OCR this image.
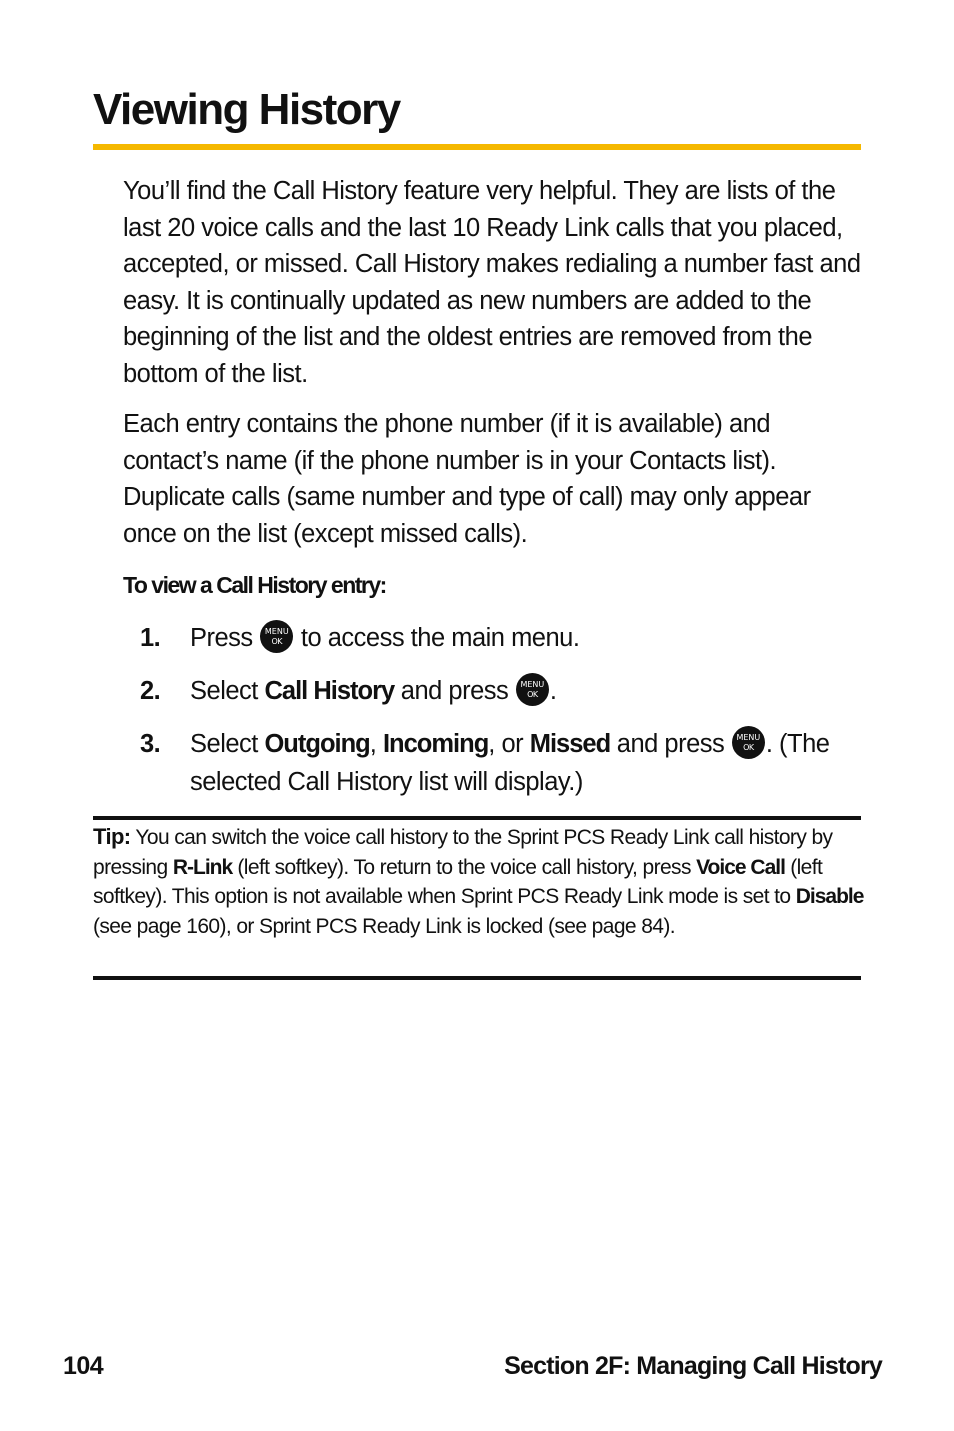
Viewing History

You’ll find the Call History feature very helpful. They are lists of the last 20 voice calls and the last 10 Ready Link calls that you placed, accepted, or missed. Call History makes redialing a number fast and easy. It is continually updated as new numbers are added to the beginning of the list and the oldest entries are removed from the bottom of the list.

Each entry contains the phone number (if it is available) and contact’s name (if the phone number is in your Contacts list). Duplicate calls (same number and type of call) may only appear once on the list (except missed calls).

To view a Call History entry:
1. Press MENU OK to access the main menu.
2. Select Call History and press MENU OK .
3. Select Outgoing, Incoming, or Missed and press MENU OK . (The selected Call History list will display.)

Tip: You can switch the voice call history to the Sprint PCS Ready Link call history by pressing R-Link (left softkey). To return to the voice call history, press Voice Call (left softkey). This option is not available when Sprint PCS Ready Link mode is set to Disable (see page 160), or Sprint PCS Ready Link is locked (see page 84).

104	Section 2F: Managing Call History
